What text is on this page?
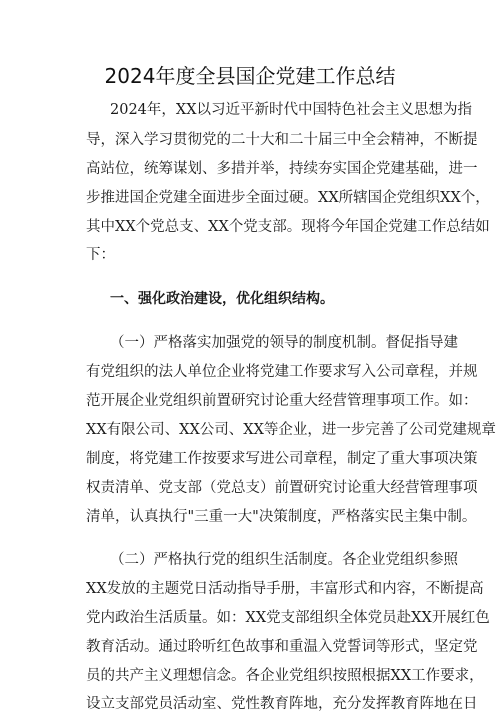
2024年度全县国企党建工作总结
2024年，XX以习近平新时代中国特色社会主义思想为指
导，深入学习贯彻党的二十大和二十届三中全会精神，不断提
高站位，统筹谋划、多措并举，持续夯实国企党建基础，进一
步推进国企党建全面进步全面过硬。XX所辖国企党组织XX个，
其中XX个党总支、XX个党支部。现将今年国企党建工作总结如
下：
一、强化政治建设，优化组织结构。
（一）严格落实加强党的领导的制度机制。督促指导建
有党组织的法人单位企业将党建工作要求写入公司章程，并规
范开展企业党组织前置研究讨论重大经营管理事项工作。如：
XX有限公司、XX公司、XX等企业，进一步完善了公司党建规章
制度，将党建工作按要求写进公司章程，制定了重大事项决策
权责清单、党支部（党总支）前置研究讨论重大经营管理事项
清单，认真执行"三重一大"决策制度，严格落实民主集中制。
（二）严格执行党的组织生活制度。各企业党组织参照
XX发放的主题党日活动指导手册，丰富形式和内容，不断提高
党内政治生活质量。如：XX党支部组织全体党员赴XX开展红色
教育活动。通过聆听红色故事和重温入党誓词等形式，坚定党
员的共产主义理想信念。各企业党组织按照根据XX工作要求，
设立支部党员活动室、党性教育阵地，充分发挥教育阵地在日
